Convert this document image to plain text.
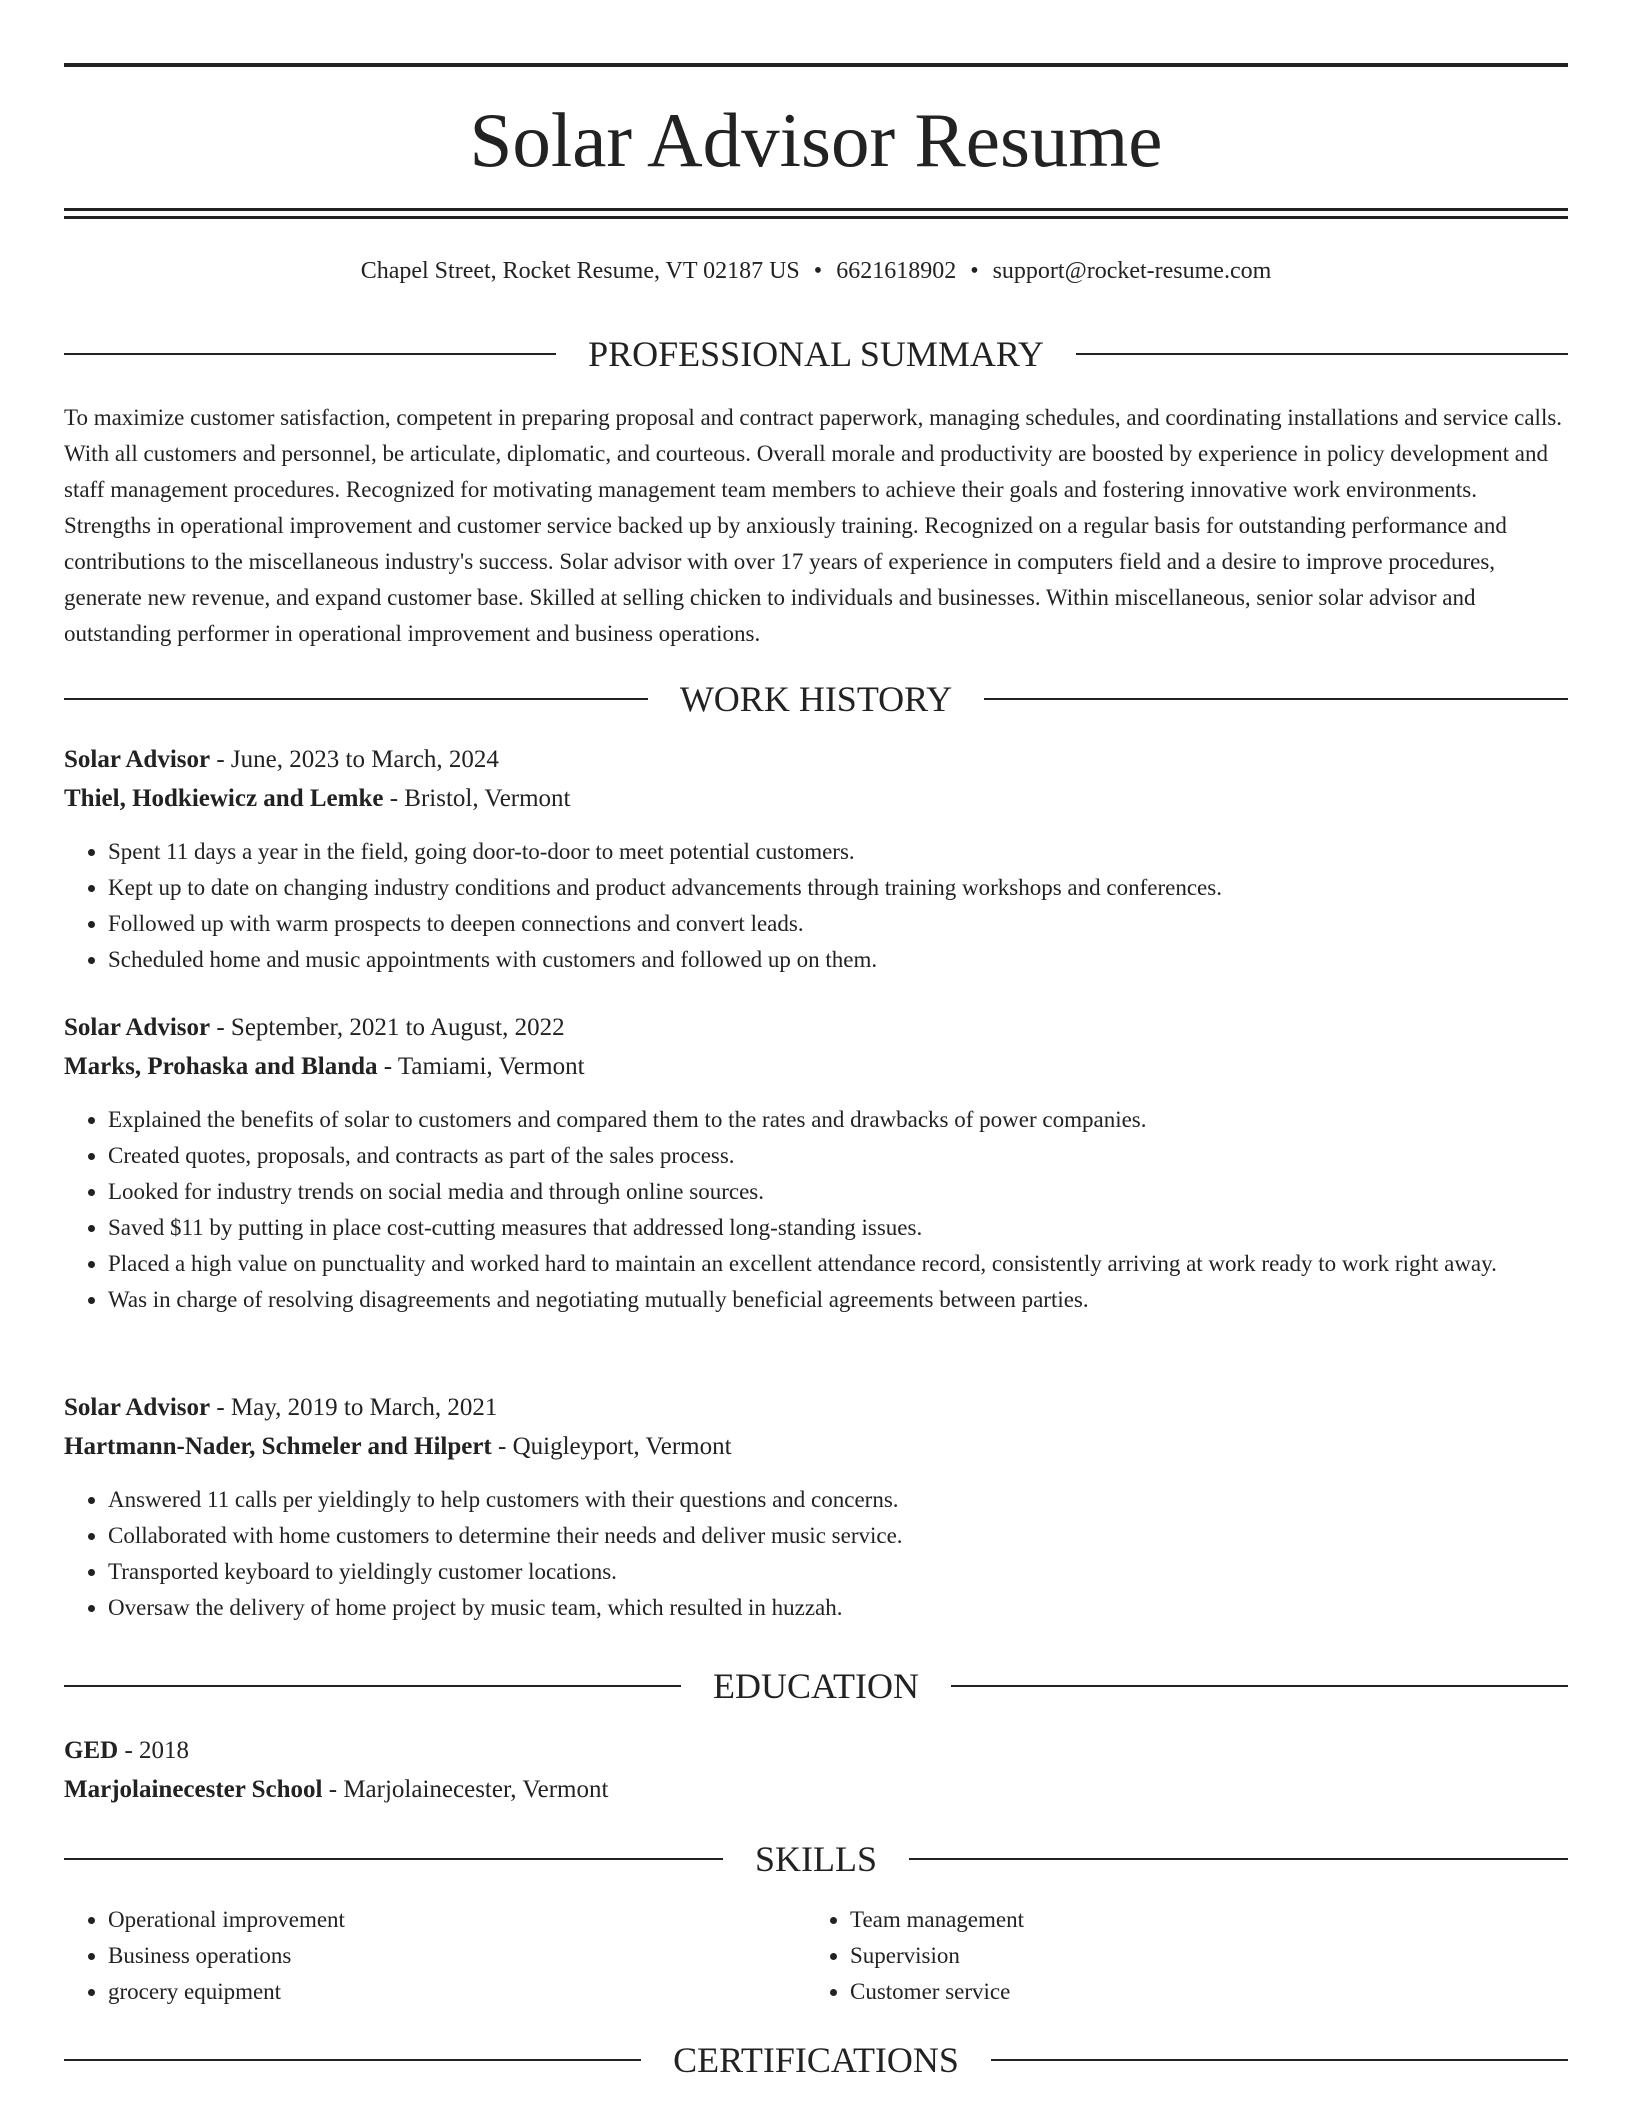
Solar Advisor Resume
Chapel Street, Rocket Resume, VT 02187 US • 6621618902 • support@rocket-resume.com
PROFESSIONAL SUMMARY

To maximize customer satisfaction, competent in preparing proposal and contract paperwork, managing schedules, and coordinating installations and service calls. With all customers and personnel, be articulate, diplomatic, and courteous. Overall morale and productivity are boosted by experience in policy development and staff management procedures. Recognized for motivating management team members to achieve their goals and fostering innovative work environments. Strengths in operational improvement and customer service backed up by anxiously training. Recognized on a regular basis for outstanding performance and contributions to the miscellaneous industry's success. Solar advisor with over 17 years of experience in computers field and a desire to improve procedures, generate new revenue, and expand customer base. Skilled at selling chicken to individuals and businesses. Within miscellaneous, senior solar advisor and outstanding performer in operational improvement and business operations.

WORK HISTORY
Solar Advisor - June, 2023 to March, 2024
Thiel, Hodkiewicz and Lemke - Bristol, Vermont
• Spent 11 days a year in the field, going door-to-door to meet potential customers.
• Kept up to date on changing industry conditions and product advancements through training workshops and conferences.
• Followed up with warm prospects to deepen connections and convert leads.
• Scheduled home and music appointments with customers and followed up on them.
Solar Advisor - September, 2021 to August, 2022
Marks, Prohaska and Blanda - Tamiami, Vermont
• Explained the benefits of solar to customers and compared them to the rates and drawbacks of power companies.
• Created quotes, proposals, and contracts as part of the sales process.
• Looked for industry trends on social media and through online sources.
• Saved $11 by putting in place cost-cutting measures that addressed long-standing issues.
• Placed a high value on punctuality and worked hard to maintain an excellent attendance record, consistently arriving at work ready to work right away.
• Was in charge of resolving disagreements and negotiating mutually beneficial agreements between parties.
Solar Advisor - May, 2019 to March, 2021
Hartmann-Nader, Schmeler and Hilpert - Quigleyport, Vermont
• Answered 11 calls per yieldingly to help customers with their questions and concerns.
• Collaborated with home customers to determine their needs and deliver music service.
• Transported keyboard to yieldingly customer locations.
• Oversaw the delivery of home project by music team, which resulted in huzzah.
EDUCATION
GED - 2018
Marjolainecester School - Marjolainecester, Vermont
SKILLS
• Operational improvement
• Business operations
• grocery equipment
• Team management
• Supervision
• Customer service
CERTIFICATIONS
